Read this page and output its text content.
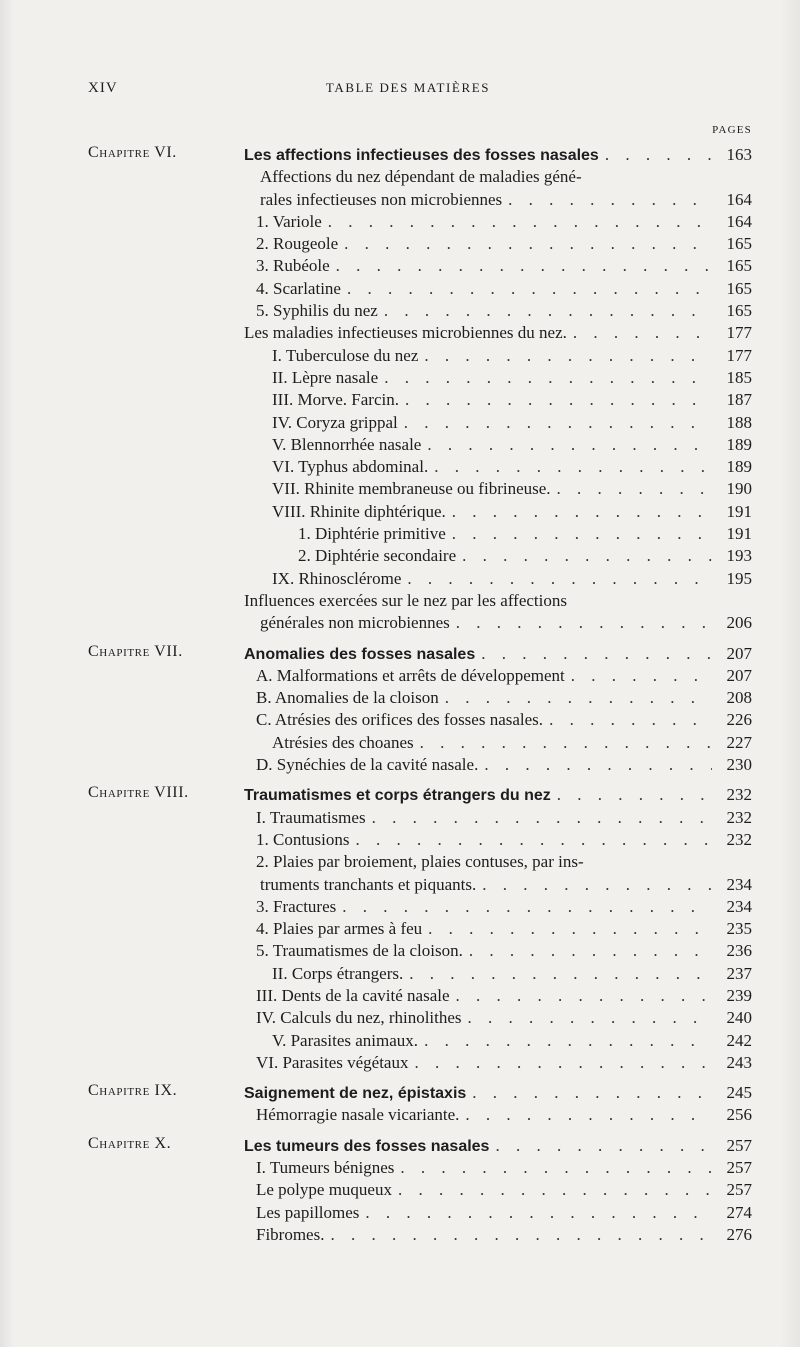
XIV	TABLE DES MATIÈRES
PAGES
Chapitre VI.	Les affections infectieuses des fosses nasales . . .	163
Affections du nez dépendant de maladies géné-
rales infectieuses non microbiennes . . .	164
1. Variole . . .	164
2. Rougeole . . .	165
3. Rubéole . . .	165
4. Scarlatine . . .	165
5. Syphilis du nez . . .	165
Les maladies infectieuses microbiennes du nez. . . .	177
I. Tuberculose du nez . . .	177
II. Lèpre nasale . . .	185
III. Morve. Farcin. . . .	187
IV. Coryza grippal . . .	188
V. Blennorrhée nasale . . .	189
VI. Typhus abdominal. . . .	189
VII. Rhinite membraneuse ou fibrineuse. . . .	190
VIII. Rhinite diphtérique. . . .	191
1. Diphtérie primitive . . .	191
2. Diphtérie secondaire . . .	193
IX. Rhinosclérome . . .	195
Influences exercées sur le nez par les affections
générales non microbiennes . . .	206
Chapitre VII.	Anomalies des fosses nasales . . .	207
A. Malformations et arrêts de développement . . .	207
B. Anomalies de la cloison . . .	208
C. Atrésies des orifices des fosses nasales. . . .	226
Atrésies des choanes . . .	227
D. Synéchies de la cavité nasale. . . .	230
Chapitre VIII.	Traumatismes et corps étrangers du nez . . .	232
I. Traumatismes . . .	232
1. Contusions . . .	232
2. Plaies par broiement, plaies contuses, par ins-
truments tranchants et piquants. . . .	234
3. Fractures . . .	234
4. Plaies par armes à feu . . .	235
5. Traumatismes de la cloison. . . .	236
II. Corps étrangers. . . .	237
III. Dents de la cavité nasale . . .	239
IV. Calculs du nez, rhinolithes . . .	240
V. Parasites animaux. . . .	242
VI. Parasites végétaux . . .	243
Chapitre IX.	Saignement de nez, épistaxis . . .	245
Hémorragie nasale vicariante. . . .	256
Chapitre X.	Les tumeurs des fosses nasales . . .	257
I. Tumeurs bénignes . . .	257
Le polype muqueux . . .	257
Les papillomes . . .	274
Fibromes. . . .	276
